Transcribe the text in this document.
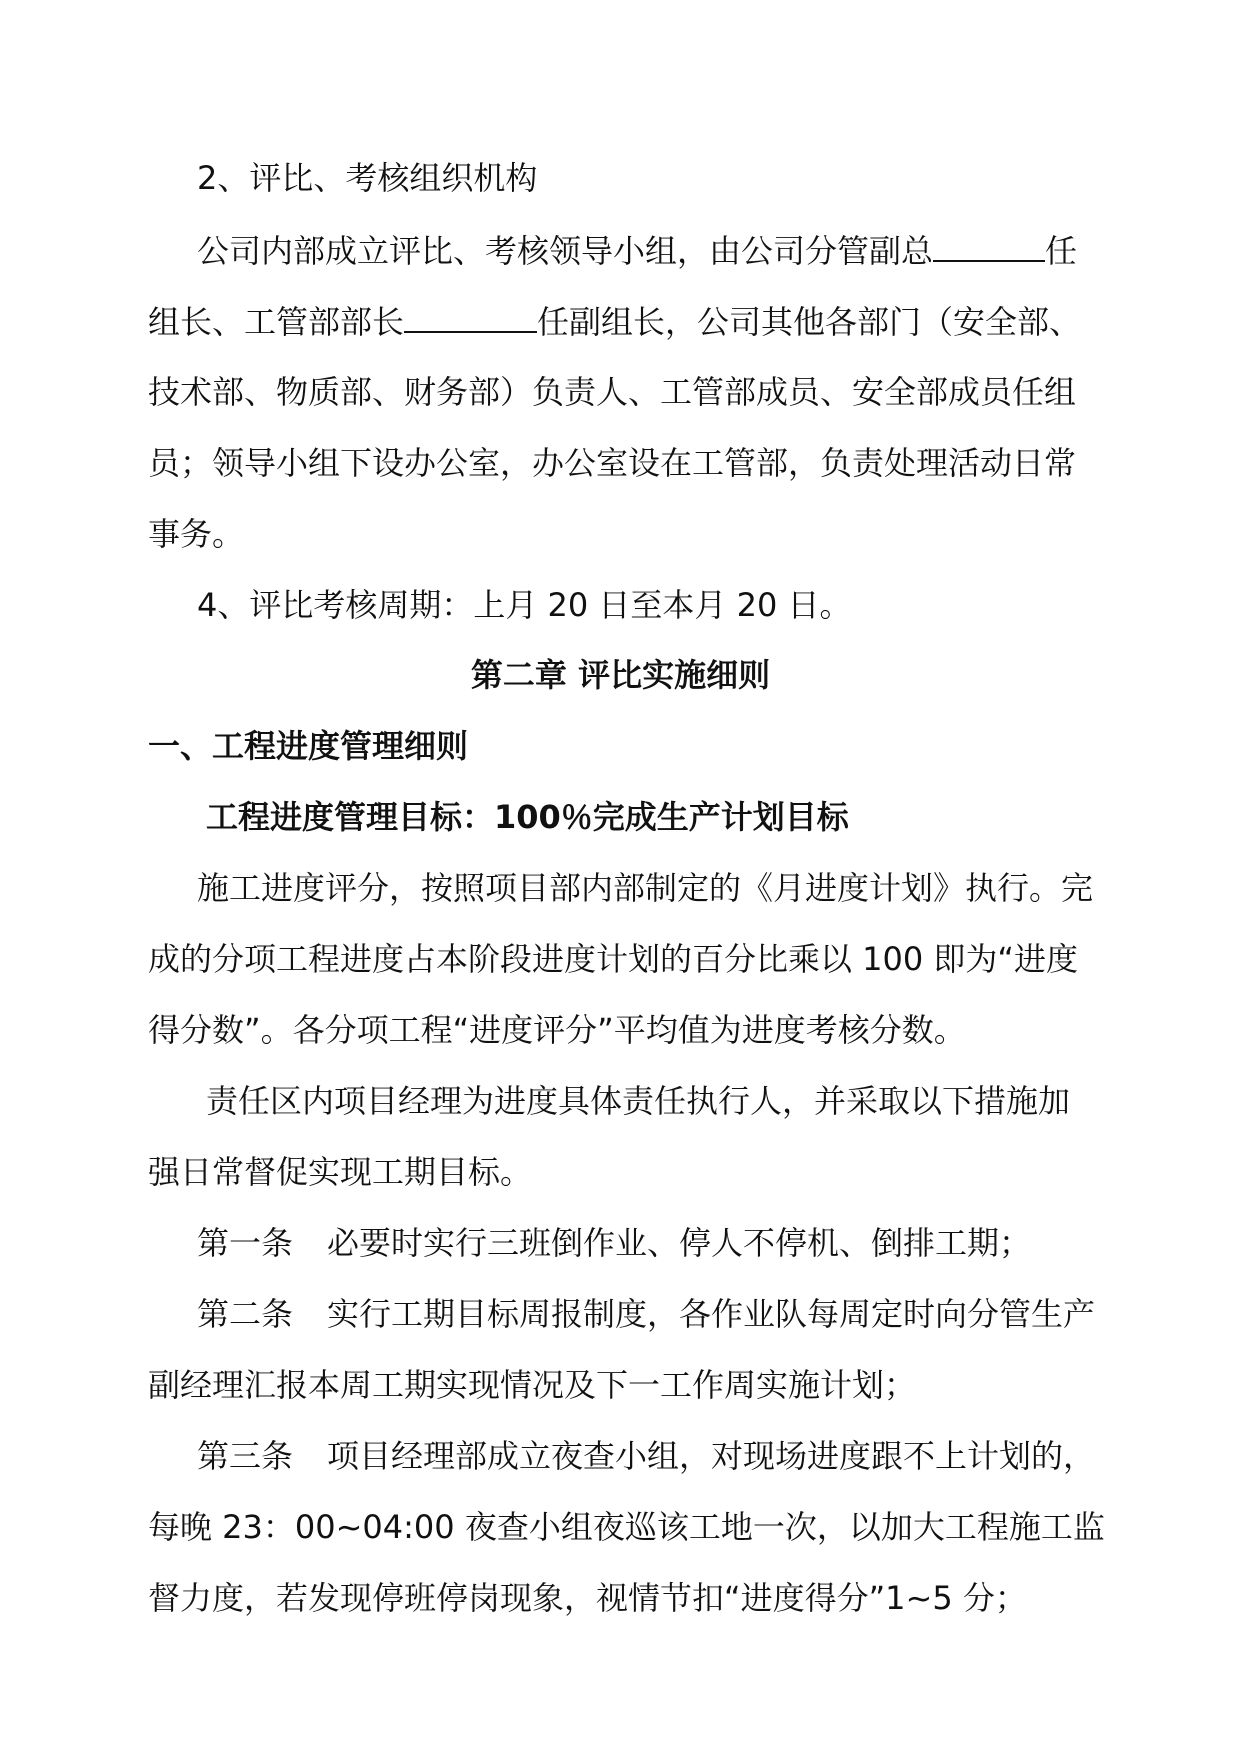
2、评比、考核组织机构
公司内部成立评比、考核领导小组，由公司分管副总	任
组长、工管部部长	任副组长，公司其他各部门（安全部、
技术部、物质部、财务部）负责人、工管部成员、安全部成员任组
员；领导小组下设办公室，办公室设在工管部，负责处理活动日常
事务。
4、评比考核周期：上月 20 日至本月 20 日。
第二章 评比实施细则
一、工程进度管理细则
工程进度管理目标：100％完成生产计划目标
施工进度评分，按照项目部内部制定的《月进度计划》执行。完
成的分项工程进度占本阶段进度计划的百分比乘以 100 即为“进度
得分数”。各分项工程“进度评分”平均值为进度考核分数。
责任区内项目经理为进度具体责任执行人，并采取以下措施加
强日常督促实现工期目标。
第一条 必要时实行三班倒作业、停人不停机、倒排工期；
第二条 实行工期目标周报制度，各作业队每周定时向分管生产
副经理汇报本周工期实现情况及下一工作周实施计划；
第三条 项目经理部成立夜查小组，对现场进度跟不上计划的，
每晚 23：00~04:00 夜查小组夜巡该工地一次，以加大工程施工监
督力度，若发现停班停岗现象，视情节扣“进度得分”1~5 分；
